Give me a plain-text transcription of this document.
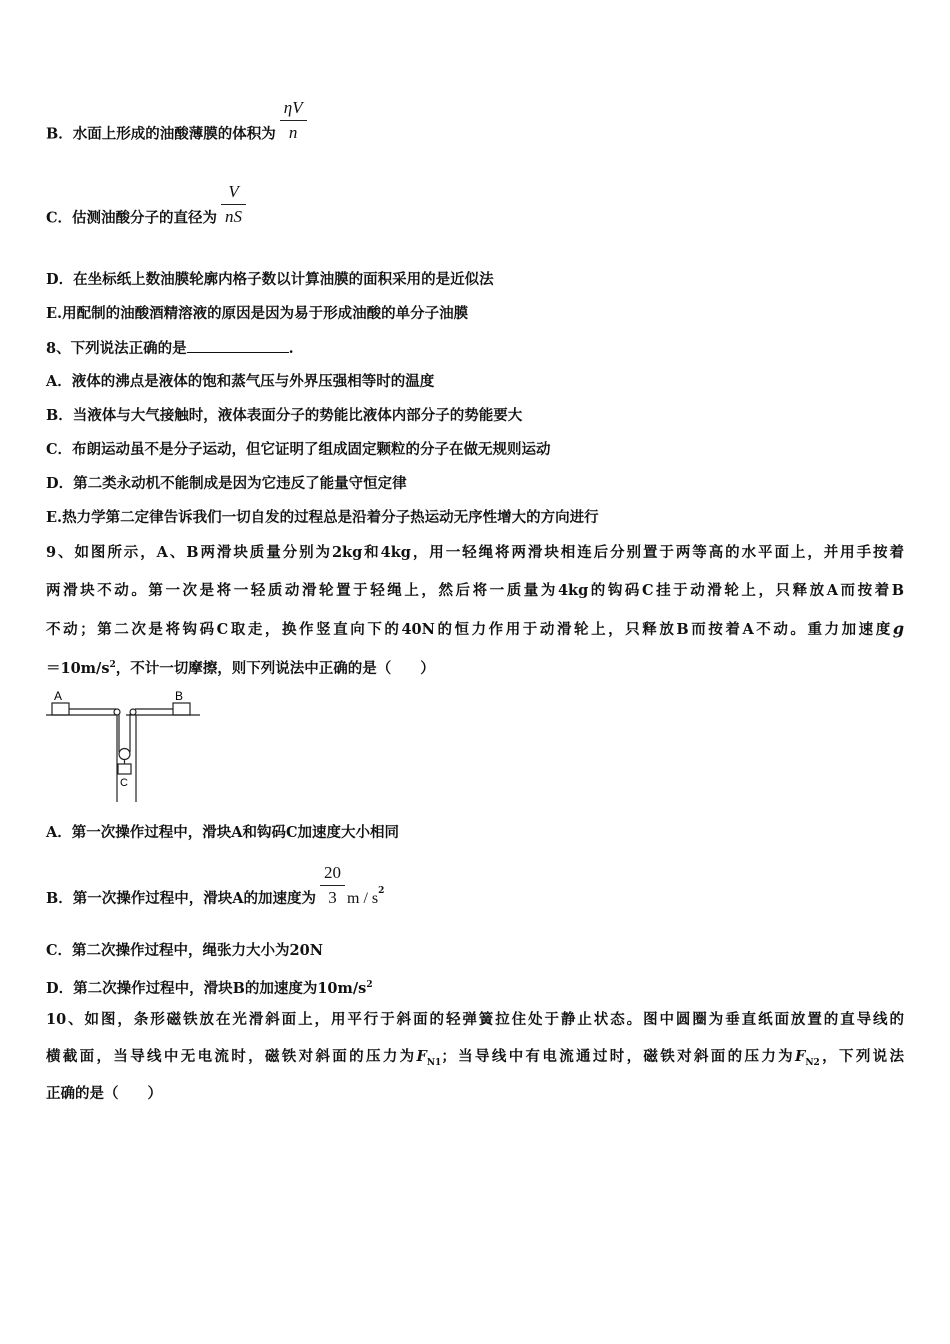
B．水面上形成的油酸薄膜的体积为 $\frac{\eta V}{n}$
C．估测油酸分子的直径为 $\frac{V}{nS}$
D．在坐标纸上数油膜轮廓内格子数以计算油膜的面积采用的是近似法
E.用配制的油酸酒精溶液的原因是因为易于形成油酸的单分子油膜
8、下列说法正确的是	.
A．液体的沸点是液体的饱和蒸气压与外界压强相等时的温度
B．当液体与大气接触时，液体表面分子的势能比液体内部分子的势能要大
C．布朗运动虽不是分子运动，但它证明了组成固定颗粒的分子在做无规则运动
D．第二类永动机不能制成是因为它违反了能量守恒定律
E.热力学第二定律告诉我们一切自发的过程总是沿着分子热运动无序性增大的方向进行
9、如图所示，A、B两滑块质量分别为2kg和4kg，用一轻绳将两滑块相连后分别置于两等高的水平面上，并用手按着
两滑块不动。第一次是将一轻质动滑轮置于轻绳上，然后将一质量为4kg的钩码C挂于动滑轮上，只释放A而按着B
不动；第二次是将钩码C取走，换作竖直向下的40N的恒力作用于动滑轮上，只释放B而按着A不动。重力加速度g
$=10m/s^2$，不计一切摩擦，则下列说法中正确的是（　　）
A	B
C
A．第一次操作过程中，滑块A和钩码C加速度大小相同
B．第一次操作过程中，滑块A的加速度为 $\frac{20}{3}$ m / $s^2$
C．第二次操作过程中，绳张力大小为20N
D．第二次操作过程中，滑块B的加速度为$10m/s^2$
10、如图，条形磁铁放在光滑斜面上，用平行于斜面的轻弹簧拉住处于静止状态。图中圆圈为垂直纸面放置的直导线的
横截面，当导线中无电流时，磁铁对斜面的压力为$F_{N1}$；当导线中有电流通过时，磁铁对斜面的压力为$F_{N2}$，下列说法
正确的是（　　）
